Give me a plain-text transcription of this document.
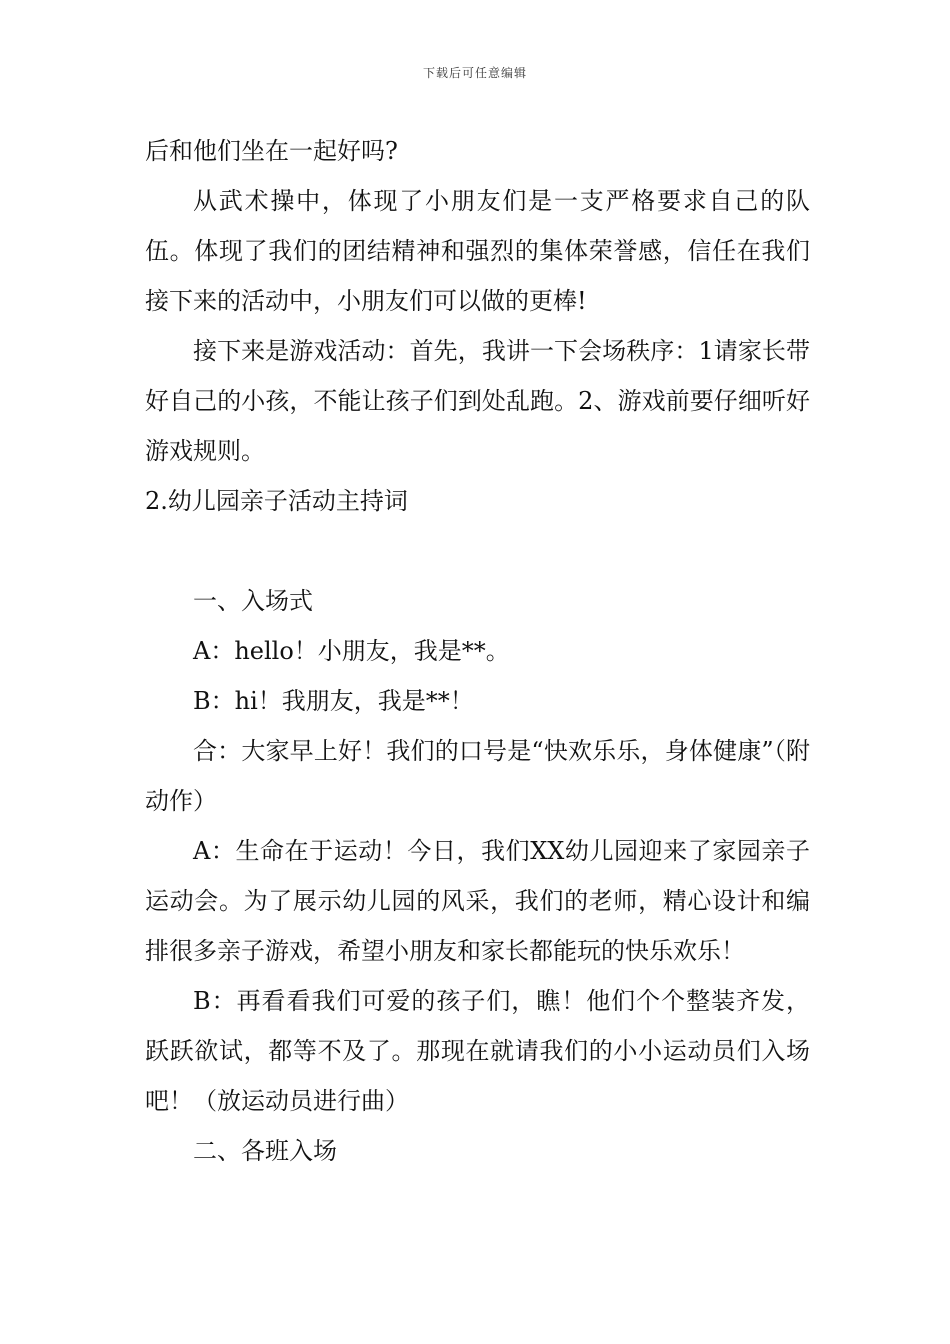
下载后可任意编辑

后和他们坐在一起好吗?

从武术操中，体现了小朋友们是一支严格要求自己的队伍。体现了我们的团结精神和强烈的集体荣誉感，信任在我们接下来的活动中，小朋友们可以做的更棒!

接下来是游戏活动：首先，我讲一下会场秩序：1请家长带好自己的小孩，不能让孩子们到处乱跑。2、游戏前要仔细听好游戏规则。

2.幼儿园亲子活动主持词

一、入场式

A：hello！小朋友，我是**。

B：hi！我朋友，我是**！

合：大家早上好！我们的口号是“快欢乐乐，身体健康”（附动作）

A：生命在于运动！今日，我们XX幼儿园迎来了家园亲子运动会。为了展示幼儿园的风采，我们的老师，精心设计和编排很多亲子游戏，希望小朋友和家长都能玩的快乐欢乐！

B：再看看我们可爱的孩子们，瞧！他们个个整装齐发，跃跃欲试，都等不及了。那现在就请我们的小小运动员们入场吧！（放运动员进行曲）

二、各班入场
